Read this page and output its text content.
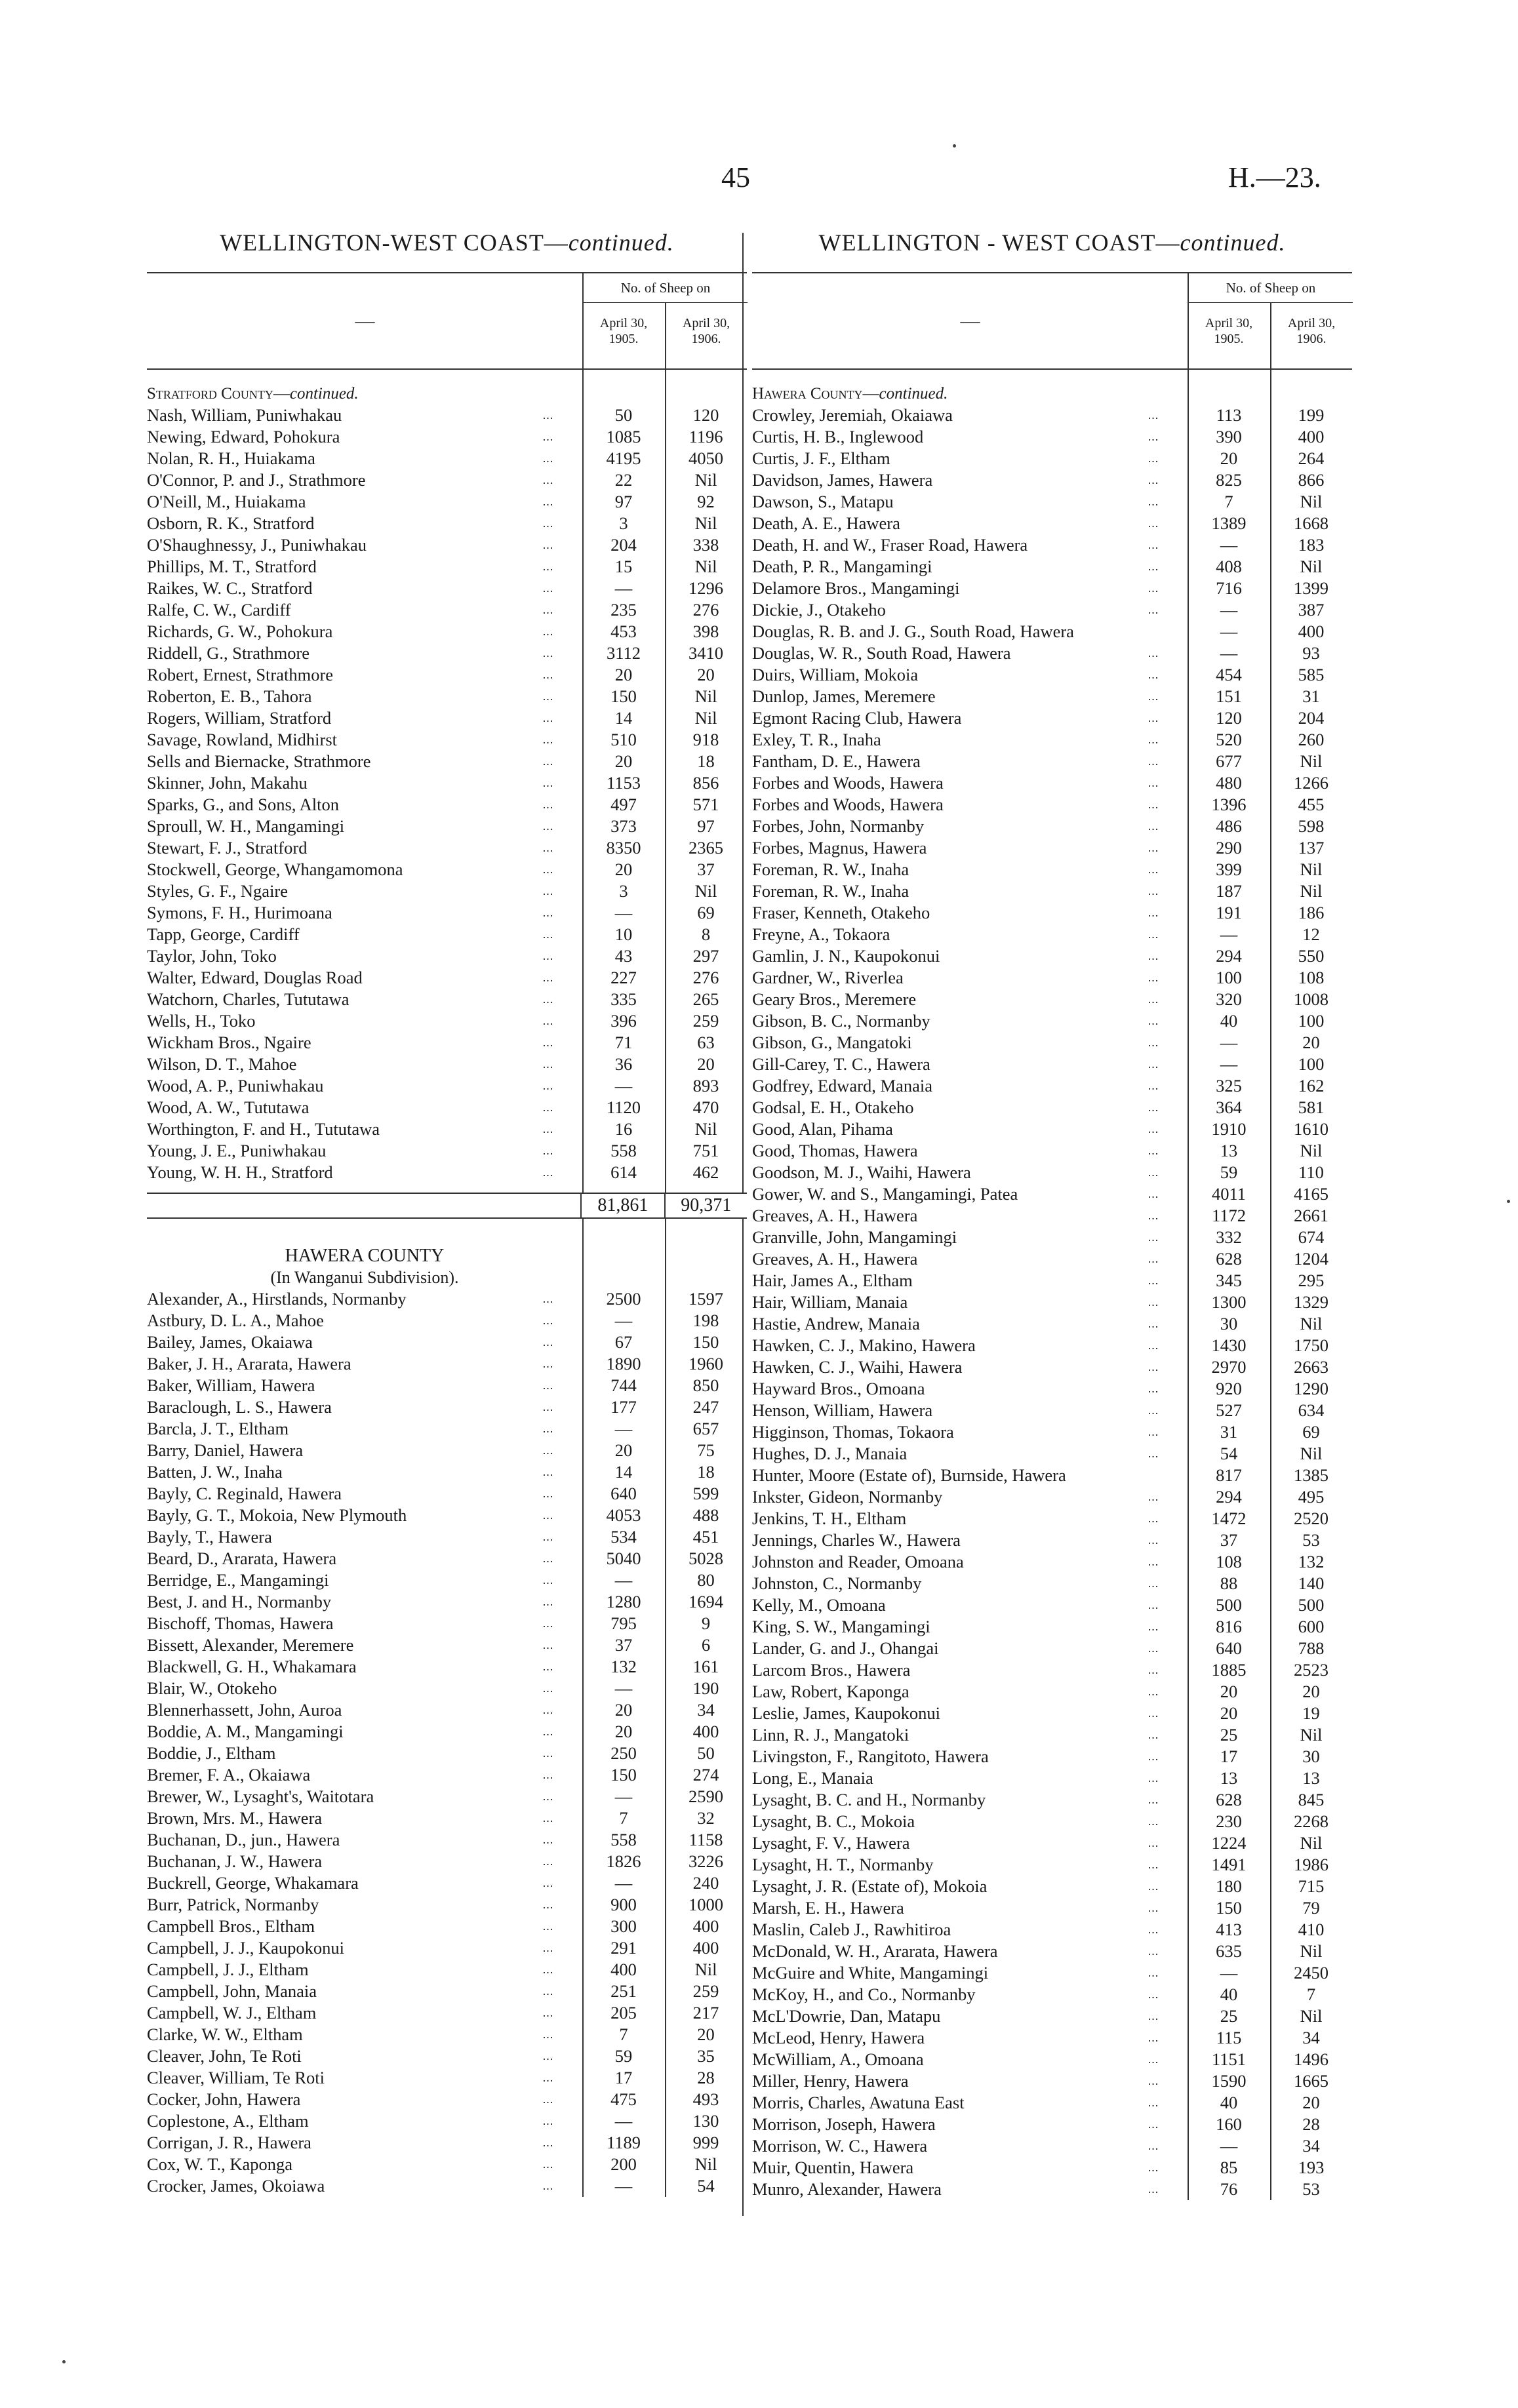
45	H.—23.
WELLINGTON-WEST COAST—continued.
—
No. of Sheep on
April 30, 1905.
April 30, 1906.
Stratford County—continued.
Nash, William, Puniwhakau	...	50	120
Newing, Edward, Pohokura	...	1085	1196
Nolan, R. H., Huiakama	...	4195	4050
O'Connor, P. and J., Strathmore	...	22	Nil
O'Neill, M., Huiakama	...	97	92
Osborn, R. K., Stratford	...	3	Nil
O'Shaughnessy, J., Puniwhakau	...	204	338
Phillips, M. T., Stratford	...	15	Nil
Raikes, W. C., Stratford	...	—	1296
Ralfe, C. W., Cardiff	...	235	276
Richards, G. W., Pohokura	...	453	398
Riddell, G., Strathmore	...	3112	3410
Robert, Ernest, Strathmore	...	20	20
Roberton, E. B., Tahora	...	150	Nil
Rogers, William, Stratford	...	14	Nil
Savage, Rowland, Midhirst	...	510	918
Sells and Biernacke, Strathmore	...	20	18
Skinner, John, Makahu	...	1153	856
Sparks, G., and Sons, Alton	...	497	571
Sproull, W. H., Mangamingi	...	373	97
Stewart, F. J., Stratford	...	8350	2365
Stockwell, George, Whangamomona	...	20	37
Styles, G. F., Ngaire	...	3	Nil
Symons, F. H., Hurimoana	...	—	69
Tapp, George, Cardiff	...	10	8
Taylor, John, Toko	...	43	297
Walter, Edward, Douglas Road	...	227	276
Watchorn, Charles, Tututawa	...	335	265
Wells, H., Toko	...	396	259
Wickham Bros., Ngaire	...	71	63
Wilson, D. T., Mahoe	...	36	20
Wood, A. P., Puniwhakau	...	—	893
Wood, A. W., Tututawa	...	1120	470
Worthington, F. and H., Tututawa	...	16	Nil
Young, J. E., Puniwhakau	...	558	751
Young, W. H. H., Stratford	...	614	462
81,861	90,371
HAWERA COUNTY
(In Wanganui Subdivision).
Alexander, A., Hirstlands, Normanby	...	2500	1597
Astbury, D. L. A., Mahoe	...	—	198
Bailey, James, Okaiawa	...	67	150
Baker, J. H., Ararata, Hawera	...	1890	1960
Baker, William, Hawera	...	744	850
Baraclough, L. S., Hawera	...	177	247
Barcla, J. T., Eltham	...	—	657
Barry, Daniel, Hawera	...	20	75
Batten, J. W., Inaha	...	14	18
Bayly, C. Reginald, Hawera	...	640	599
Bayly, G. T., Mokoia, New Plymouth	...	4053	488
Bayly, T., Hawera	...	534	451
Beard, D., Ararata, Hawera	...	5040	5028
Berridge, E., Mangamingi	...	—	80
Best, J. and H., Normanby	...	1280	1694
Bischoff, Thomas, Hawera	...	795	9
Bissett, Alexander, Meremere	...	37	6
Blackwell, G. H., Whakamara	...	132	161
Blair, W., Otokeho	...	—	190
Blennerhassett, John, Auroa	...	20	34
Boddie, A. M., Mangamingi	...	20	400
Boddie, J., Eltham	...	250	50
Bremer, F. A., Okaiawa	...	150	274
Brewer, W., Lysaght's, Waitotara	...	—	2590
Brown, Mrs. M., Hawera	...	7	32
Buchanan, D., jun., Hawera	...	558	1158
Buchanan, J. W., Hawera	...	1826	3226
Buckrell, George, Whakamara	...	—	240
Burr, Patrick, Normanby	...	900	1000
Campbell Bros., Eltham	...	300	400
Campbell, J. J., Kaupokonui	...	291	400
Campbell, J. J., Eltham	...	400	Nil
Campbell, John, Manaia	...	251	259
Campbell, W. J., Eltham	...	205	217
Clarke, W. W., Eltham	...	7	20
Cleaver, John, Te Roti	...	59	35
Cleaver, William, Te Roti	...	17	28
Cocker, John, Hawera	...	475	493
Coplestone, A., Eltham	...	—	130
Corrigan, J. R., Hawera	...	1189	999
Cox, W. T., Kaponga	...	200	Nil
Crocker, James, Okoiawa	...	—	54
WELLINGTON - WEST COAST—continued.
—
No. of Sheep on
April 30, 1905.
April 30, 1906.
Hawera County—continued.
Crowley, Jeremiah, Okaiawa	...	113	199
Curtis, H. B., Inglewood	...	390	400
Curtis, J. F., Eltham	...	20	264
Davidson, James, Hawera	...	825	866
Dawson, S., Matapu	...	7	Nil
Death, A. E., Hawera	...	1389	1668
Death, H. and W., Fraser Road, Hawera	...	—	183
Death, P. R., Mangamingi	...	408	Nil
Delamore Bros., Mangamingi	...	716	1399
Dickie, J., Otakeho	...	—	387
Douglas, R. B. and J. G., South Road, Hawera	—	400
Douglas, W. R., South Road, Hawera	...	—	93
Duirs, William, Mokoia	...	454	585
Dunlop, James, Meremere	...	151	31
Egmont Racing Club, Hawera	...	120	204
Exley, T. R., Inaha	...	520	260
Fantham, D. E., Hawera	...	677	Nil
Forbes and Woods, Hawera	...	480	1266
Forbes and Woods, Hawera	...	1396	455
Forbes, John, Normanby	...	486	598
Forbes, Magnus, Hawera	...	290	137
Foreman, R. W., Inaha	...	399	Nil
Foreman, R. W., Inaha	...	187	Nil
Fraser, Kenneth, Otakeho	...	191	186
Freyne, A., Tokaora	...	—	12
Gamlin, J. N., Kaupokonui	...	294	550
Gardner, W., Riverlea	...	100	108
Geary Bros., Meremere	...	320	1008
Gibson, B. C., Normanby	...	40	100
Gibson, G., Mangatoki	...	—	20
Gill-Carey, T. C., Hawera	...	—	100
Godfrey, Edward, Manaia	...	325	162
Godsal, E. H., Otakeho	...	364	581
Good, Alan, Pihama	...	1910	1610
Good, Thomas, Hawera	...	13	Nil
Goodson, M. J., Waihi, Hawera	...	59	110
Gower, W. and S., Mangamingi, Patea	...	4011	4165
Greaves, A. H., Hawera	...	1172	2661
Granville, John, Mangamingi	...	332	674
Greaves, A. H., Hawera	...	628	1204
Hair, James A., Eltham	...	345	295
Hair, William, Manaia	...	1300	1329
Hastie, Andrew, Manaia	...	30	Nil
Hawken, C. J., Makino, Hawera	...	1430	1750
Hawken, C. J., Waihi, Hawera	...	2970	2663
Hayward Bros., Omoana	...	920	1290
Henson, William, Hawera	...	527	634
Higginson, Thomas, Tokaora	...	31	69
Hughes, D. J., Manaia	...	54	Nil
Hunter, Moore (Estate of), Burnside, Hawera	817	1385
Inkster, Gideon, Normanby	...	294	495
Jenkins, T. H., Eltham	...	1472	2520
Jennings, Charles W., Hawera	...	37	53
Johnston and Reader, Omoana	...	108	132
Johnston, C., Normanby	...	88	140
Kelly, M., Omoana	...	500	500
King, S. W., Mangamingi	...	816	600
Lander, G. and J., Ohangai	...	640	788
Larcom Bros., Hawera	...	1885	2523
Law, Robert, Kaponga	...	20	20
Leslie, James, Kaupokonui	...	20	19
Linn, R. J., Mangatoki	...	25	Nil
Livingston, F., Rangitoto, Hawera	...	17	30
Long, E., Manaia	...	13	13
Lysaght, B. C. and H., Normanby	...	628	845
Lysaght, B. C., Mokoia	...	230	2268
Lysaght, F. V., Hawera	...	1224	Nil
Lysaght, H. T., Normanby	...	1491	1986
Lysaght, J. R. (Estate of), Mokoia	...	180	715
Marsh, E. H., Hawera	...	150	79
Maslin, Caleb J., Rawhitiroa	...	413	410
McDonald, W. H., Ararata, Hawera	...	635	Nil
McGuire and White, Mangamingi	...	—	2450
McKoy, H., and Co., Normanby	...	40	7
McL'Dowrie, Dan, Matapu	...	25	Nil
McLeod, Henry, Hawera	...	115	34
McWilliam, A., Omoana	...	1151	1496
Miller, Henry, Hawera	...	1590	1665
Morris, Charles, Awatuna East	...	40	20
Morrison, Joseph, Hawera	...	160	28
Morrison, W. C., Hawera	...	—	34
Muir, Quentin, Hawera	...	85	193
Munro, Alexander, Hawera	...	76	53
